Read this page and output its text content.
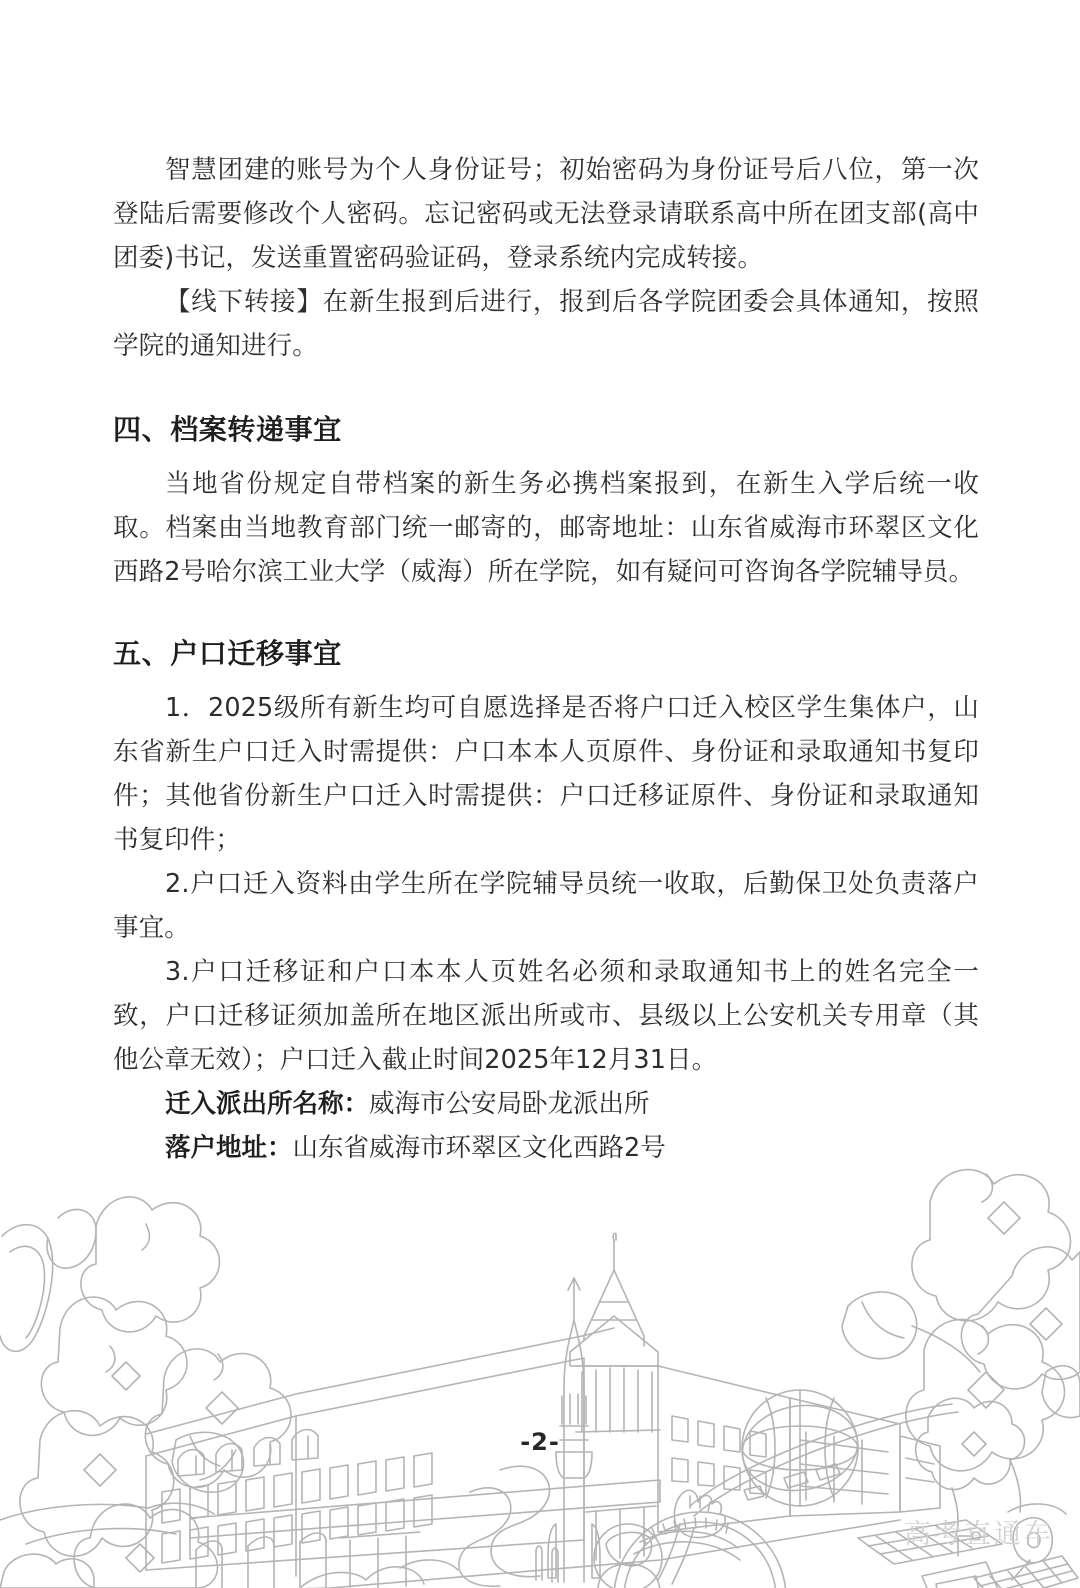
智慧团建的账号为个人身份证号；初始密码为身份证号后八位，第一次登陆后需要修改个人密码。忘记密码或无法登录请联系高中所在团支部(高中团委)书记，发送重置密码验证码，登录系统内完成转接。

【线下转接】在新生报到后进行，报到后各学院团委会具体通知，按照学院的通知进行。

四、档案转递事宜

当地省份规定自带档案的新生务必携档案报到，在新生入学后统一收取。档案由当地教育部门统一邮寄的，邮寄地址：山东省威海市环翠区文化西路2号哈尔滨工业大学（威海）所在学院，如有疑问可咨询各学院辅导员。

五、户口迁移事宜

1．2025级所有新生均可自愿选择是否将户口迁入校区学生集体户，山东省新生户口迁入时需提供：户口本本人页原件、身份证和录取通知书复印件；其他省份新生户口迁入时需提供：户口迁移证原件、身份证和录取通知书复印件；

2.户口迁入资料由学生所在学院辅导员统一收取，后勤保卫处负责落户事宜。

3.户口迁移证和户口本本人页姓名必须和录取通知书上的姓名完全一致，户口迁移证须加盖所在地区派出所或市、县级以上公安机关专用章（其他公章无效）；户口迁入截止时间2025年12月31日。

迁入派出所名称：威海市公安局卧龙派出所

落户地址：山东省威海市环翠区文化西路2号

-2-
高考直通车
